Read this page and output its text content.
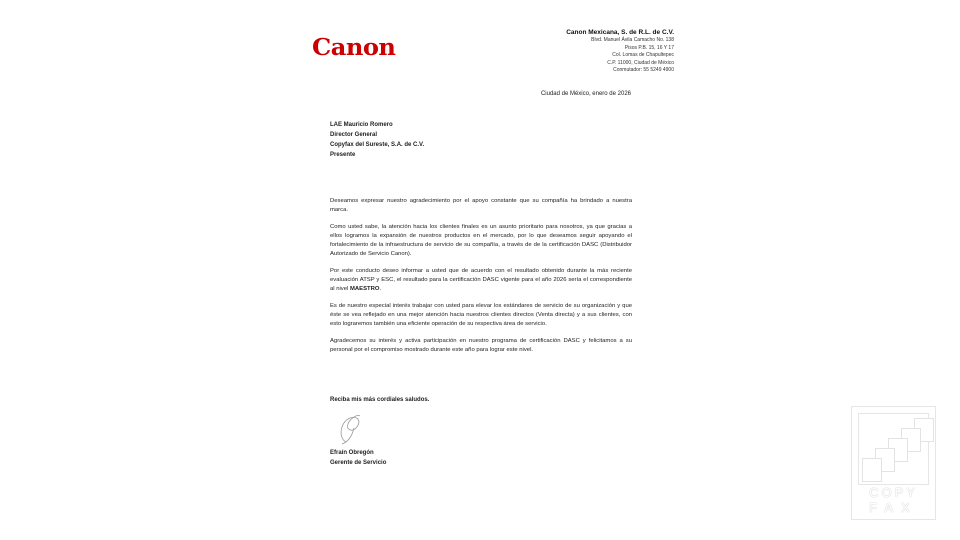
Canon
Canon Mexicana, S. de R.L. de C.V.
Blvd. Manuel Ávila Camacho No. 138
Pisos P.B. 15, 16 Y 17
Col. Lomas de Chapultepec
C.P. 11000, Ciudad de México
Conmutador: 55 5249 4900
Ciudad de México, enero de 2026
LAE Mauricio Romero
Director General
Copyfax del Sureste, S.A. de C.V.
Presente

Deseamos expresar nuestro agradecimiento por el apoyo constante que su compañía ha brindado a nuestra marca.

Como usted sabe, la atención hacia los clientes finales es un asunto prioritario para nosotros, ya que gracias a ellos logramos la expansión de nuestros productos en el mercado, por lo que deseamos seguir apoyando el fortalecimiento de la infraestructura de servicio de su compañía, a través de de la certificación DASC (Distribuidor Autorizado de Servicio Canon).

Por este conducto deseo informar a usted que de acuerdo con el resultado obtenido durante la más reciente evaluación ATSP y ESC, el resultado para la certificación DASC vigente para el año 2026 sería el correspondiente al nivel MAESTRO.

Es de nuestro especial interés trabajar con usted para elevar los estándares de servicio de su organización y que éste se vea reflejado en una mejor atención hacia nuestros clientes directos (Venta directa) y a sus clientes, con esto lograremos también una eficiente operación de su respectiva área de servicio.

Agradecemos su interés y activa participación en nuestro programa de certificación DASC y felicitamos a su personal por el compromiso mostrado durante este año para lograr este nivel.

Reciba mis más cordiales saludos.
Efraín Obregón
Gerente de Servicio
COPY
FAX
